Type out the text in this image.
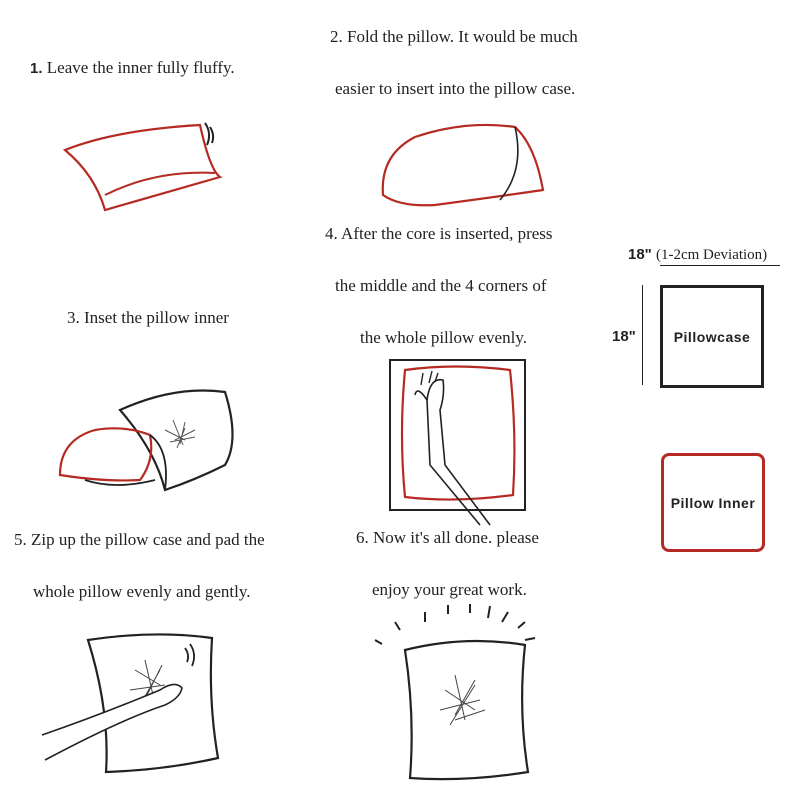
1. Leave the inner fully fluffy.
2. Fold the pillow. It would be much
easier to insert into the pillow case.
3. Inset the pillow inner
4. After the core is inserted, press
the middle and the 4 corners of
the whole pillow evenly.
5. Zip up the pillow case and pad the
whole pillow evenly and gently.
6. Now it's all done. please
enjoy your great work.
18" (1-2cm Deviation)
18"	Pillowcase
Pillow Inner
